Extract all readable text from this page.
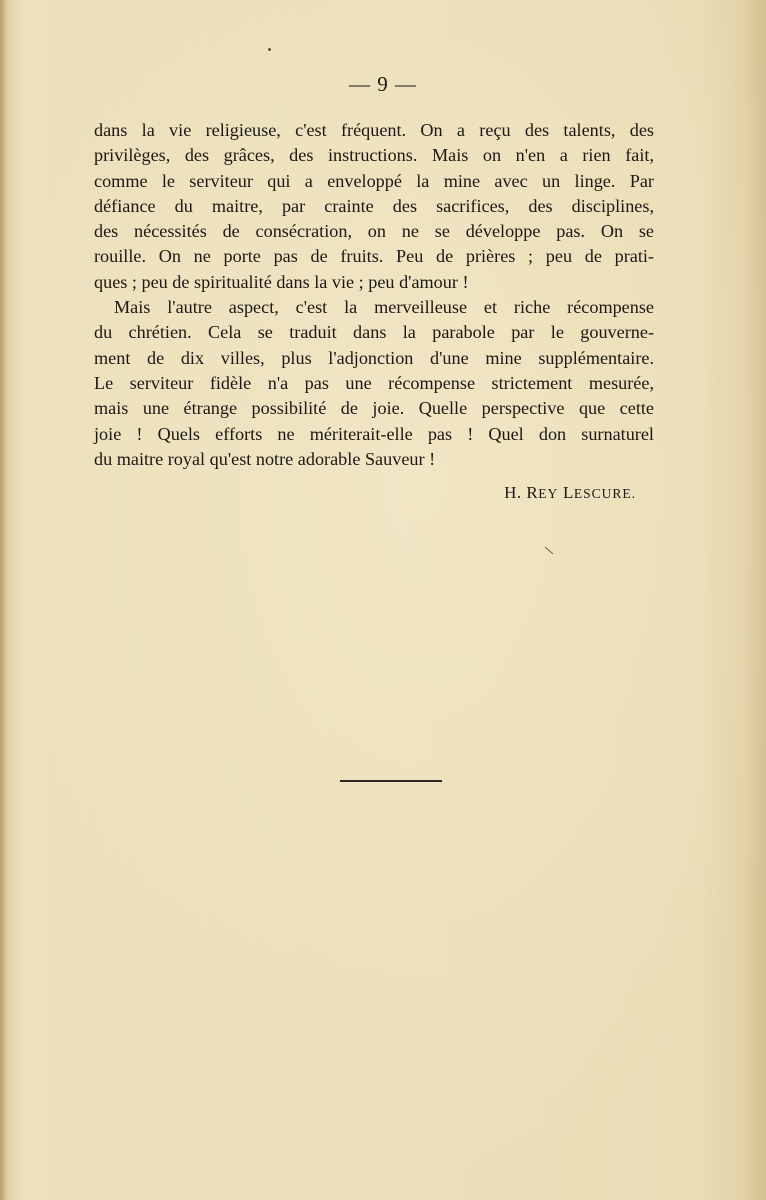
— 9 —
dans la vie religieuse, c'est fréquent. On a reçu des talents, des
privilèges, des grâces, des instructions. Mais on n'en a rien fait,
comme le serviteur qui a enveloppé la mine avec un linge. Par
défiance du maitre, par crainte des sacrifices, des disciplines,
des nécessités de consécration, on ne se développe pas. On se
rouille. On ne porte pas de fruits. Peu de prières ; peu de prati-
ques ; peu de spiritualité dans la vie ; peu d'amour !
Mais l'autre aspect, c'est la merveilleuse et riche récompense
du chrétien. Cela se traduit dans la parabole par le gouverne-
ment de dix villes, plus l'adjonction d'une mine supplémentaire.
Le serviteur fidèle n'a pas une récompense strictement mesurée,
mais une étrange possibilité de joie. Quelle perspective que cette
joie ! Quels efforts ne mériterait-elle pas ! Quel don surnaturel
du maitre royal qu'est notre adorable Sauveur !
H. REY LESCURE.
